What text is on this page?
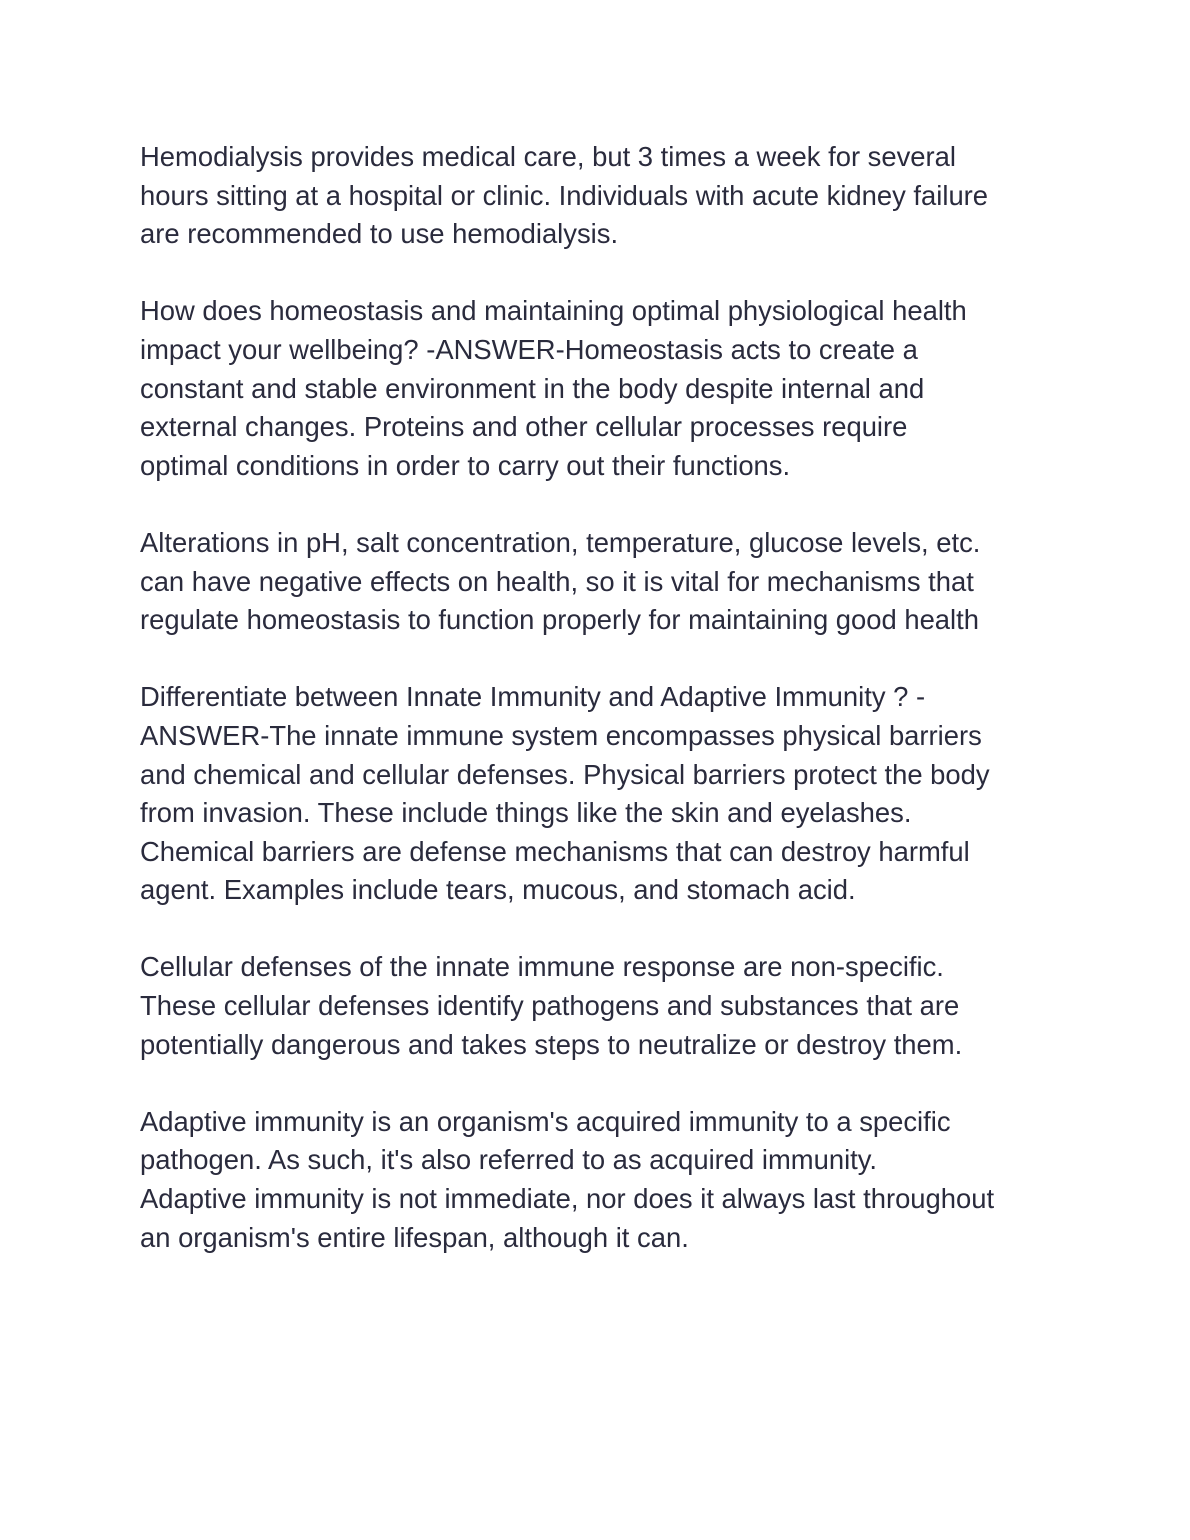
Hemodialysis provides medical care, but 3 times a week for several
hours sitting at a hospital or clinic. Individuals with acute kidney failure
are recommended to use hemodialysis.

How does homeostasis and maintaining optimal physiological health
impact your wellbeing? -ANSWER-Homeostasis acts to create a
constant and stable environment in the body despite internal and
external changes. Proteins and other cellular processes require
optimal conditions in order to carry out their functions.

Alterations in pH, salt concentration, temperature, glucose levels, etc.
can have negative effects on health, so it is vital for mechanisms that
regulate homeostasis to function properly for maintaining good health

Differentiate between Innate Immunity and Adaptive Immunity ? -
ANSWER-The innate immune system encompasses physical barriers
and chemical and cellular defenses. Physical barriers protect the body
from invasion. These include things like the skin and eyelashes.
Chemical barriers are defense mechanisms that can destroy harmful
agent. Examples include tears, mucous, and stomach acid.

Cellular defenses of the innate immune response are non-specific.
These cellular defenses identify pathogens and substances that are
potentially dangerous and takes steps to neutralize or destroy them.

Adaptive immunity is an organism's acquired immunity to a specific
pathogen. As such, it's also referred to as acquired immunity.
Adaptive immunity is not immediate, nor does it always last throughout
an organism's entire lifespan, although it can.
